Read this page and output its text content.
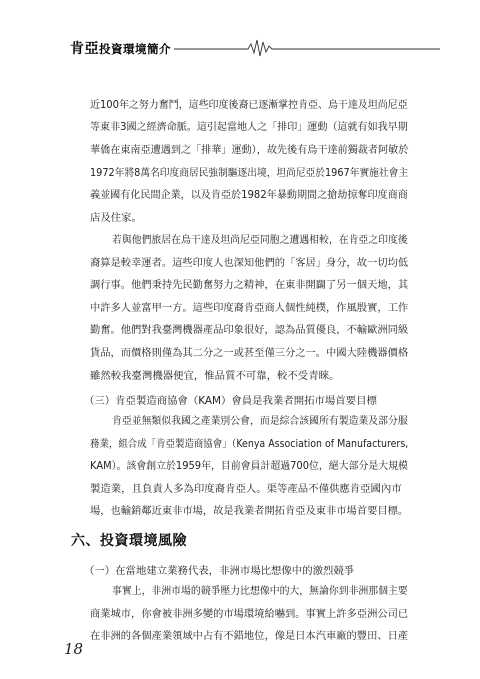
肯亞投資環境簡介
近100年之努力奮鬥，這些印度後裔已逐漸掌控肯亞、烏干達及坦尚尼亞
等東非3國之經濟命脈。這引起當地人之「排印」運動（這就有如我早期
華僑在東南亞遭遇到之「排華」運動），故先後有烏干達前獨裁者阿敏於
1972年將8萬名印度商居民強制驅逐出境，坦尚尼亞於1967年實施社會主
義並國有化民間企業，以及肯亞於1982年暴動期間之搶劫掠奪印度商商
店及住家。
若與他們旅居在烏干達及坦尚尼亞同胞之遭遇相較，在肯亞之印度後
裔算是較幸運者。這些印度人也深知他們的「客居」身分，故一切均低
調行事。他們秉持先民勤奮努力之精神，在東非開闢了另一個天地，其
中許多人並富甲一方。這些印度裔肯亞商人個性純樸，作風殷實，工作
勤奮。他們對我臺灣機器產品印象很好，認為品質優良，不輸歐洲同級
貨品，而價格則僅為其二分之一或甚至僅三分之一。中國大陸機器價格
雖然較我臺灣機器便宜，惟品質不可靠，較不受青睞。
（三）肯亞製造商協會（KAM）會員是我業者開拓市場首要目標
肯亞並無類似我國之產業別公會，而是綜合該國所有製造業及部分服
務業，組合成「肯亞製造商協會」（Kenya Association of Manufacturers,
KAM）。該會創立於1959年，目前會員計超過700位，絕大部分是大規模
製造業，且負責人多為印度裔肯亞人。渠等產品不僅供應肯亞國內市
場，也輸銷鄰近東非市場，故是我業者開拓肯亞及東非市場首要目標。
六、投資環境風險
（一）在當地建立業務代表，非洲市場比想像中的激烈競爭
事實上，非洲市場的競爭壓力比想像中的大，無論你到非洲那個主要
商業城市，你會被非洲多變的市場環境給嚇到。事實上許多亞洲公司已
在非洲的各個產業領域中占有不錯地位，像是日本汽車廠的豐田、日產
18
